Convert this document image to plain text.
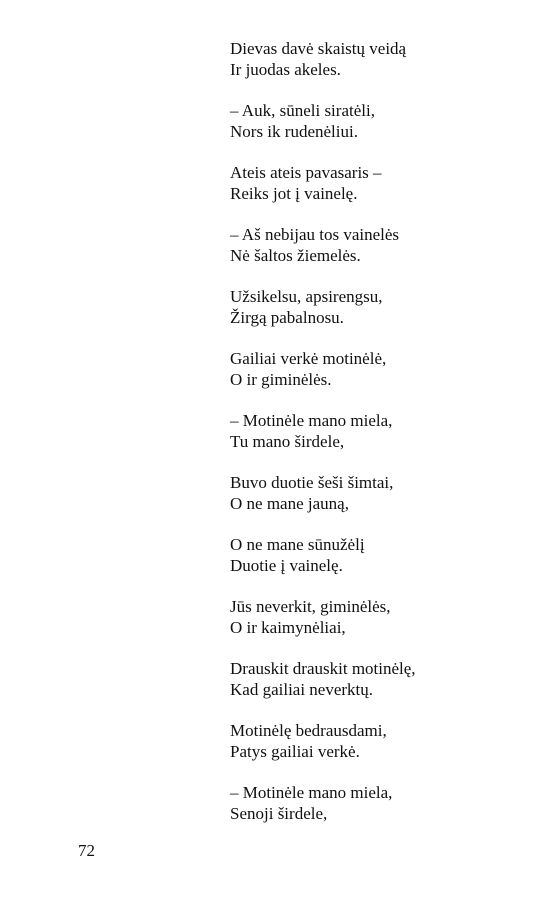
Dievas davė skaistų veidą
Ir juodas akeles.
– Auk, sūneli siratėli,
Nors ik rudenėliui.
Ateis ateis pavasaris –
Reiks jot į vainelę.
– Aš nebijau tos vainelės
Nė šaltos žiemelės.
Užsikelsu, apsirengsu,
Žirgą pabalnosu.
Gailiai verkė motinėlė,
O ir giminėlės.
– Motinėle mano miela,
Tu mano širdele,
Buvo duotie šeši šimtai,
O ne mane jauną,
O ne mane sūnužėlį
Duotie į vainelę.
Jūs neverkit, giminėlės,
O ir kaimynėliai,
Drauskit drauskit motinėlę,
Kad gailiai neverktų.
Motinėlę bedrausdami,
Patys gailiai verkė.
– Motinėle mano miela,
Senoji širdele,
72
